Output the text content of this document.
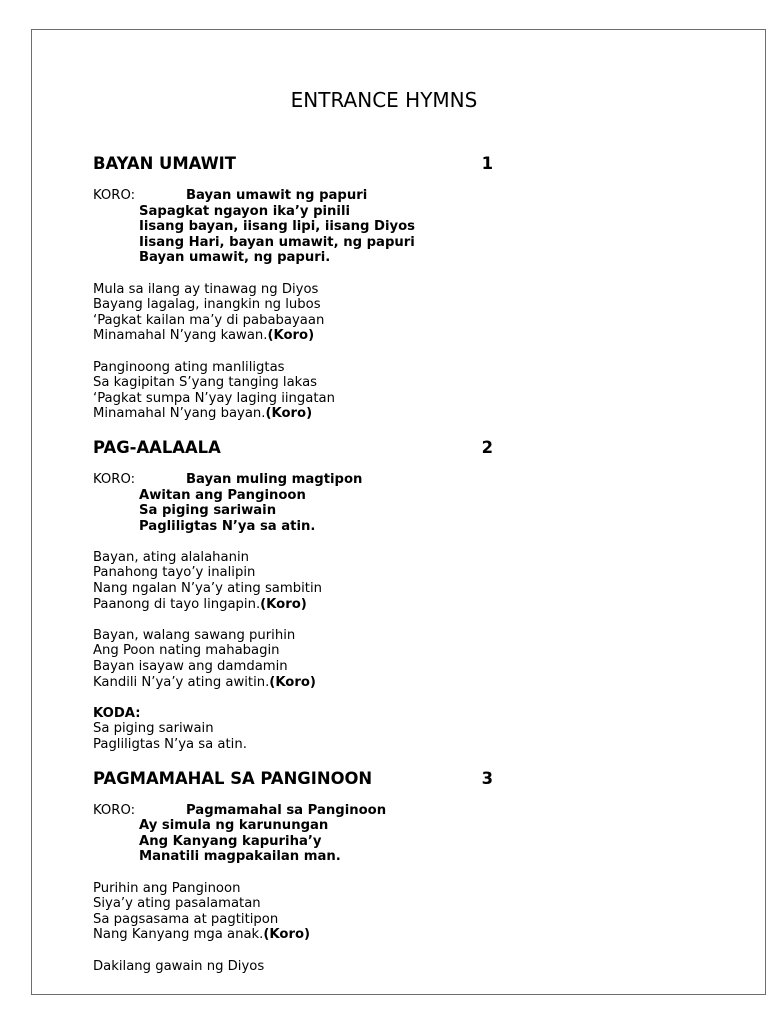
ENTRANCE HYMNS
BAYAN UMAWIT	1
KORO:	Bayan umawit ng papuri
Sapagkat ngayon ika’y pinili
Iisang bayan, iisang lipi, iisang Diyos
Iisang Hari, bayan umawit, ng papuri
Bayan umawit, ng papuri.
Mula sa ilang ay tinawag ng Diyos
Bayang lagalag, inangkin ng lubos
‘Pagkat kailan ma’y di pababayaan
Minamahal N’yang kawan.(Koro)
Panginoong ating manliligtas
Sa kagipitan S’yang tanging lakas
‘Pagkat sumpa N’yay laging iingatan
Minamahal N’yang bayan.(Koro)
PAG-AALAALA	2
KORO:	Bayan muling magtipon
Awitan ang Panginoon
Sa piging sariwain
Pagliligtas N’ya sa atin.
Bayan, ating alalahanin
Panahong tayo’y inalipin
Nang ngalan N’ya’y ating sambitin
Paanong di tayo lingapin.(Koro)
Bayan, walang sawang purihin
Ang Poon nating mahabagin
Bayan isayaw ang damdamin
Kandili N’ya’y ating awitin.(Koro)
KODA:
Sa piging sariwain
Pagliligtas N’ya sa atin.
PAGMAMAHAL SA PANGINOON	3
KORO:	Pagmamahal sa Panginoon
Ay simula ng karunungan
Ang Kanyang kapuriha’y
Manatili magpakailan man.
Purihin ang Panginoon
Siya’y ating pasalamatan
Sa pagsasama at pagtitipon
Nang Kanyang mga anak.(Koro)
Dakilang gawain ng Diyos
